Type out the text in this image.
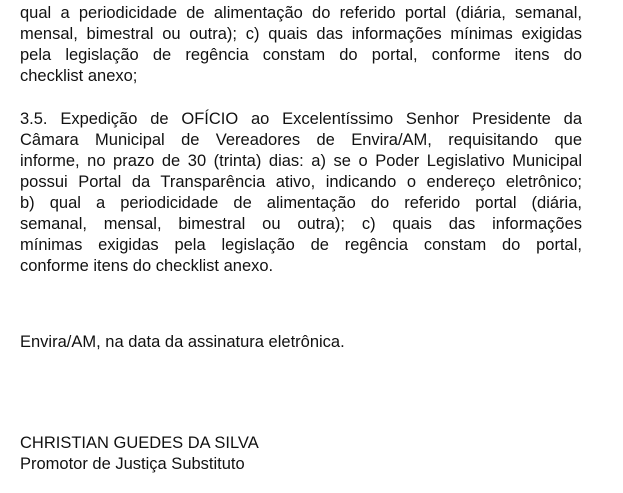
qual a periodicidade de alimentação do referido portal (diária, semanal,
mensal, bimestral ou outra); c) quais das informações mínimas exigidas
pela legislação de regência constam do portal, conforme itens do
checklist anexo;

3.5. Expedição de OFÍCIO ao Excelentíssimo Senhor Presidente da
Câmara Municipal de Vereadores de Envira/AM, requisitando que
informe, no prazo de 30 (trinta) dias: a) se o Poder Legislativo Municipal
possui Portal da Transparência ativo, indicando o endereço eletrônico;
b) qual a periodicidade de alimentação do referido portal (diária,
semanal, mensal, bimestral ou outra); c) quais das informações
mínimas exigidas pela legislação de regência constam do portal,
conforme itens do checklist anexo.

Envira/AM, na data da assinatura eletrônica.

CHRISTIAN GUEDES DA SILVA
Promotor de Justiça Substituto
